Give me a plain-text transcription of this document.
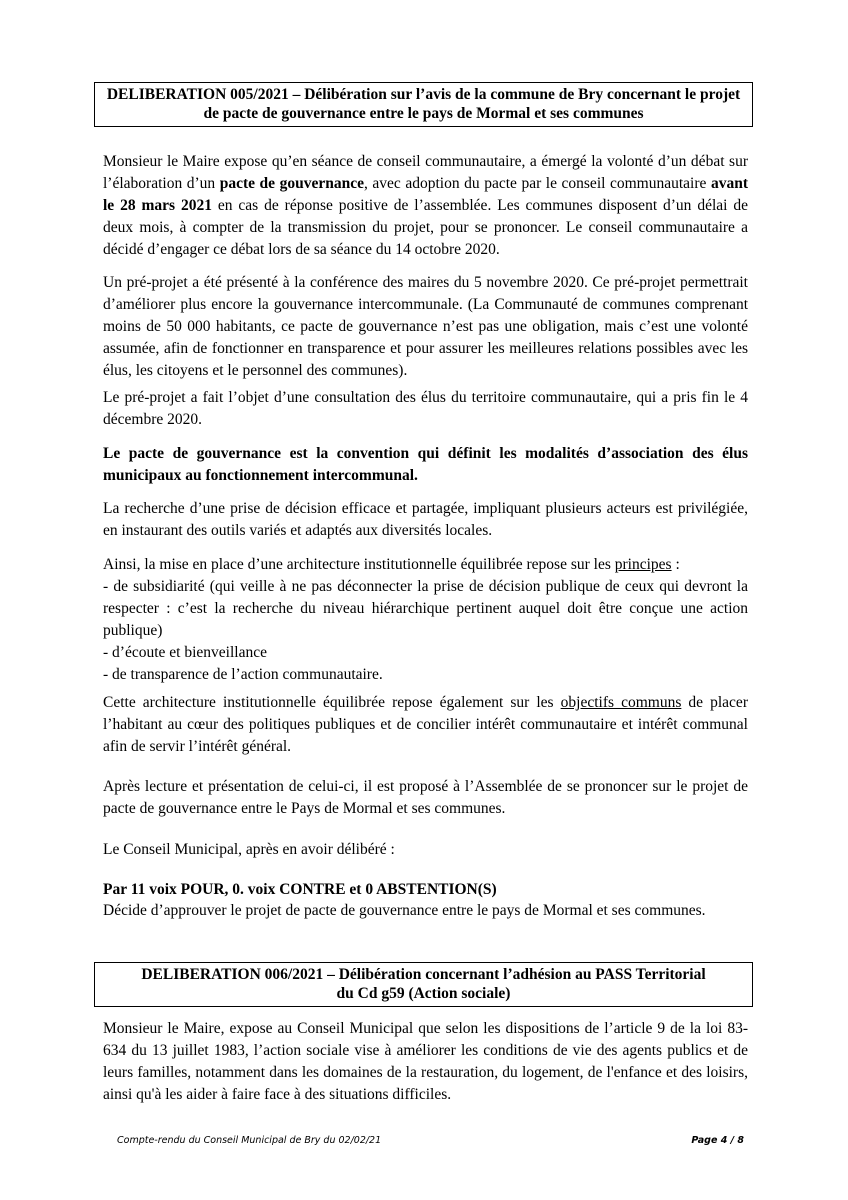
DELIBERATION 005/2021 – Délibération sur l’avis de la commune de Bry concernant le projet
de pacte de gouvernance entre le pays de Mormal et ses communes

Monsieur le Maire expose qu’en séance de conseil communautaire, a émergé la volonté d’un débat sur l’élaboration d’un pacte de gouvernance, avec adoption du pacte par le conseil communautaire avant le 28 mars 2021 en cas de réponse positive de l’assemblée. Les communes disposent d’un délai de deux mois, à compter de la transmission du projet, pour se prononcer. Le conseil communautaire a décidé d’engager ce débat lors de sa séance du 14 octobre 2020.

Un pré-projet a été présenté à la conférence des maires du 5 novembre 2020. Ce pré-projet permettrait d’améliorer plus encore la gouvernance intercommunale. (La Communauté de communes comprenant moins de 50 000 habitants, ce pacte de gouvernance n’est pas une obligation, mais c’est une volonté assumée, afin de fonctionner en transparence et pour assurer les meilleures relations possibles avec les élus, les citoyens et le personnel des communes).

Le pré-projet a fait l’objet d’une consultation des élus du territoire communautaire, qui a pris fin le 4 décembre 2020.

Le pacte de gouvernance est la convention qui définit les modalités d’association des élus municipaux au fonctionnement intercommunal.

La recherche d’une prise de décision efficace et partagée, impliquant plusieurs acteurs est privilégiée, en instaurant des outils variés et adaptés aux diversités locales.

Ainsi, la mise en place d’une architecture institutionnelle équilibrée repose sur les principes :
- de subsidiarité (qui veille à ne pas déconnecter la prise de décision publique de ceux qui devront la respecter : c’est la recherche du niveau hiérarchique pertinent auquel doit être conçue une action publique)
- d’écoute et bienveillance
- de transparence de l’action communautaire.

Cette architecture institutionnelle équilibrée repose également sur les objectifs communs de placer l’habitant au cœur des politiques publiques et de concilier intérêt communautaire et intérêt communal afin de servir l’intérêt général.

Après lecture et présentation de celui-ci, il est proposé à l’Assemblée de se prononcer sur le projet de pacte de gouvernance entre le Pays de Mormal et ses communes.

Le Conseil Municipal, après en avoir délibéré :

Par 11 voix POUR, 0. voix CONTRE et 0 ABSTENTION(S)

Décide d’approuver le projet de pacte de gouvernance entre le pays de Mormal et ses communes.

DELIBERATION 006/2021 – Délibération concernant l’adhésion au PASS Territorial
du Cd g59 (Action sociale)

Monsieur le Maire, expose au Conseil Municipal que selon les dispositions de l’article 9 de la loi 83-634 du 13 juillet 1983, l’action sociale vise à améliorer les conditions de vie des agents publics et de leurs familles, notamment dans les domaines de la restauration, du logement, de l'enfance et des loisirs, ainsi qu'à les aider à faire face à des situations difficiles.

Compte-rendu du Conseil Municipal de Bry du 02/02/21	Page 4 / 8
